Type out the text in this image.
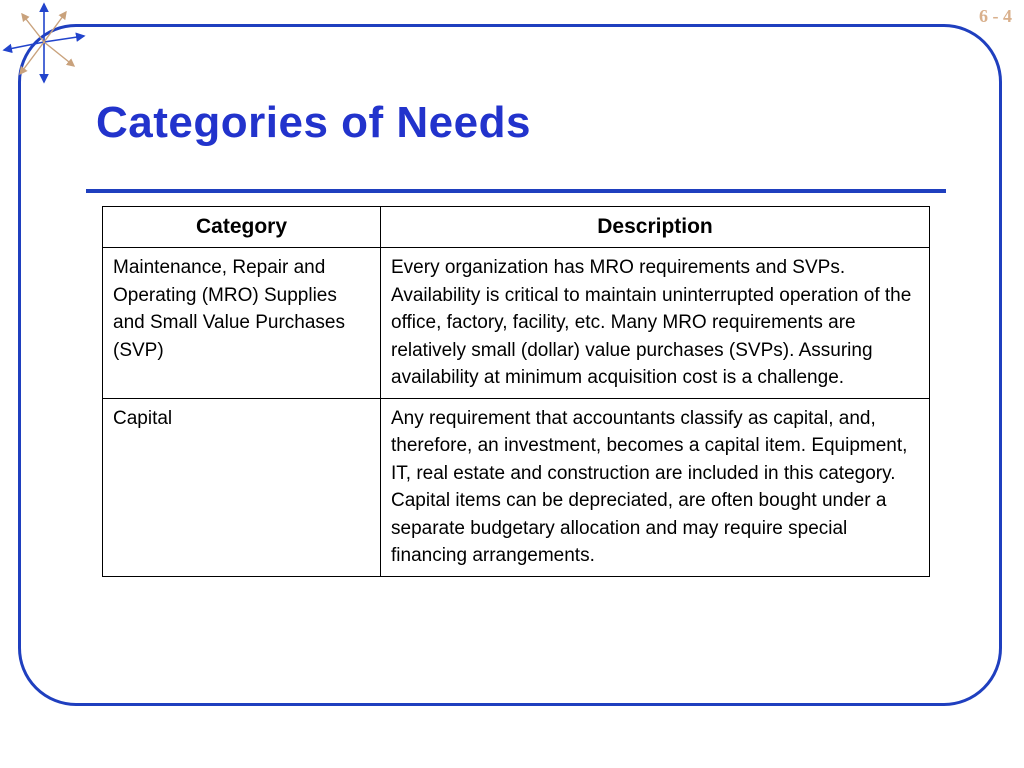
6 - 4
Categories of Needs
Category	Description
Maintenance, Repair and Operating (MRO) Supplies and Small Value Purchases (SVP)	Every organization has MRO requirements and SVPs. Availability is critical to maintain uninterrupted operation of the office, factory, facility, etc. Many MRO requirements are relatively small (dollar) value purchases (SVPs). Assuring availability at minimum acquisition cost is a challenge.
Capital	Any requirement that accountants classify as capital, and, therefore, an investment, becomes a capital item. Equipment, IT, real estate and construction are included in this category. Capital items can be depreciated, are often bought under a separate budgetary allocation and may require special financing arrangements.
